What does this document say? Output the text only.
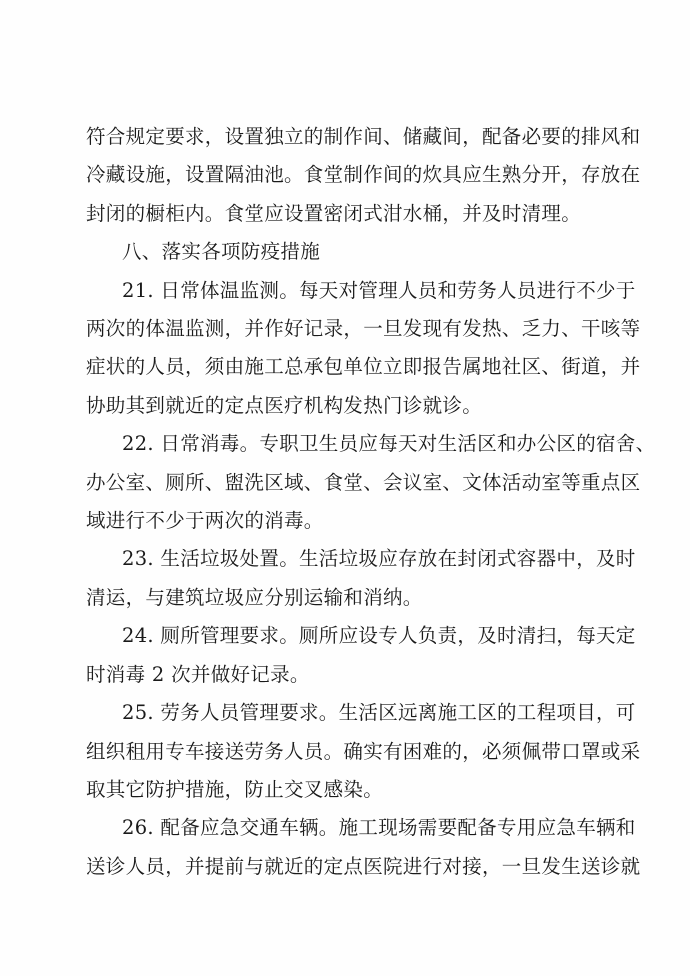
符合规定要求，设置独立的制作间、储藏间，配备必要的排风和
冷藏设施，设置隔油池。食堂制作间的炊具应生熟分开，存放在
封闭的橱柜内。食堂应设置密闭式泔水桶，并及时清理。
八、落实各项防疫措施
21. 日常体温监测。每天对管理人员和劳务人员进行不少于
两次的体温监测，并作好记录，一旦发现有发热、乏力、干咳等
症状的人员，须由施工总承包单位立即报告属地社区、街道，并
协助其到就近的定点医疗机构发热门诊就诊。
22. 日常消毒。专职卫生员应每天对生活区和办公区的宿舍、
办公室、厕所、盥洗区域、食堂、会议室、文体活动室等重点区
域进行不少于两次的消毒。
23. 生活垃圾处置。生活垃圾应存放在封闭式容器中，及时
清运，与建筑垃圾应分别运输和消纳。
24. 厕所管理要求。厕所应设专人负责，及时清扫，每天定
时消毒 2 次并做好记录。
25. 劳务人员管理要求。生活区远离施工区的工程项目，可
组织租用专车接送劳务人员。确实有困难的，必须佩带口罩或采
取其它防护措施，防止交叉感染。
26. 配备应急交通车辆。施工现场需要配备专用应急车辆和
送诊人员，并提前与就近的定点医院进行对接，一旦发生送诊就
